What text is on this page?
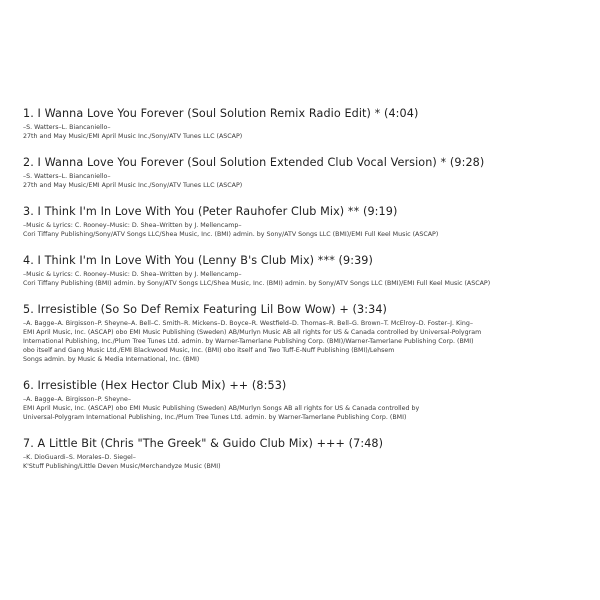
1. I Wanna Love You Forever (Soul Solution Remix Radio Edit) * (4:04)

–S. Watters–L. Biancaniello–

27th and May Music/EMI April Music Inc./Sony/ATV Tunes LLC (ASCAP)

2. I Wanna Love You Forever (Soul Solution Extended Club Vocal Version) * (9:28)

–S. Watters–L. Biancaniello–

27th and May Music/EMI April Music Inc./Sony/ATV Tunes LLC (ASCAP)

3. I Think I'm In Love With You (Peter Rauhofer Club Mix) ** (9:19)

–Music & Lyrics: C. Rooney–Music: D. Shea–Written by J. Mellencamp–

Cori Tiffany Publishing/Sony/ATV Songs LLC/Shea Music, Inc. (BMI) admin. by Sony/ATV Songs LLC (BMI)/EMI Full Keel Music (ASCAP)

4. I Think I'm In Love With You (Lenny B's Club Mix) *** (9:39)

–Music & Lyrics: C. Rooney–Music: D. Shea–Written by J. Mellencamp–

Cori Tiffany Publishing (BMI) admin. by Sony/ATV Songs LLC/Shea Music, Inc. (BMI) admin. by Sony/ATV Songs LLC (BMI)/EMI Full Keel Music (ASCAP)

5. Irresistible (So So Def Remix Featuring Lil Bow Wow) + (3:34)

–A. Bagge–A. Birgisson–P. Sheyne–A. Bell–C. Smith–R. Mickens–D. Boyce–R. Westfield–D. Thomas–R. Bell–G. Brown–T. McElroy–D. Foster–J. King–

EMI April Music, Inc. (ASCAP) obo EMI Music Publishing (Sweden) AB/Murlyn Music AB all rights for US & Canada controlled by Universal-Polygram

International Publishing, Inc./Plum Tree Tunes Ltd. admin. by Warner-Tamerlane Publishing Corp. (BMI)/Warner-Tamerlane Publishing Corp. (BMI)

obo itself and Gang Music Ltd./EMI Blackwood Music, Inc. (BMI) obo itself and Two Tuff-E-Nuff Publishing (BMI)/Lehsem

Songs admin. by Music & Media International, Inc. (BMI)

6. Irresistible (Hex Hector Club Mix) ++ (8:53)

–A. Bagge–A. Birgisson–P. Sheyne–

EMI April Music, Inc. (ASCAP) obo EMI Music Publishing (Sweden) AB/Murlyn Songs AB all rights for US & Canada controlled by

Universal-Polygram International Publishing, Inc./Plum Tree Tunes Ltd. admin. by Warner-Tamerlane Publishing Corp. (BMI)

7. A Little Bit (Chris "The Greek" & Guido Club Mix) +++ (7:48)

–K. DioGuardi–S. Morales–D. Siegel–

K'Stuff Publishing/Little Deven Music/Merchandyze Music (BMI)
